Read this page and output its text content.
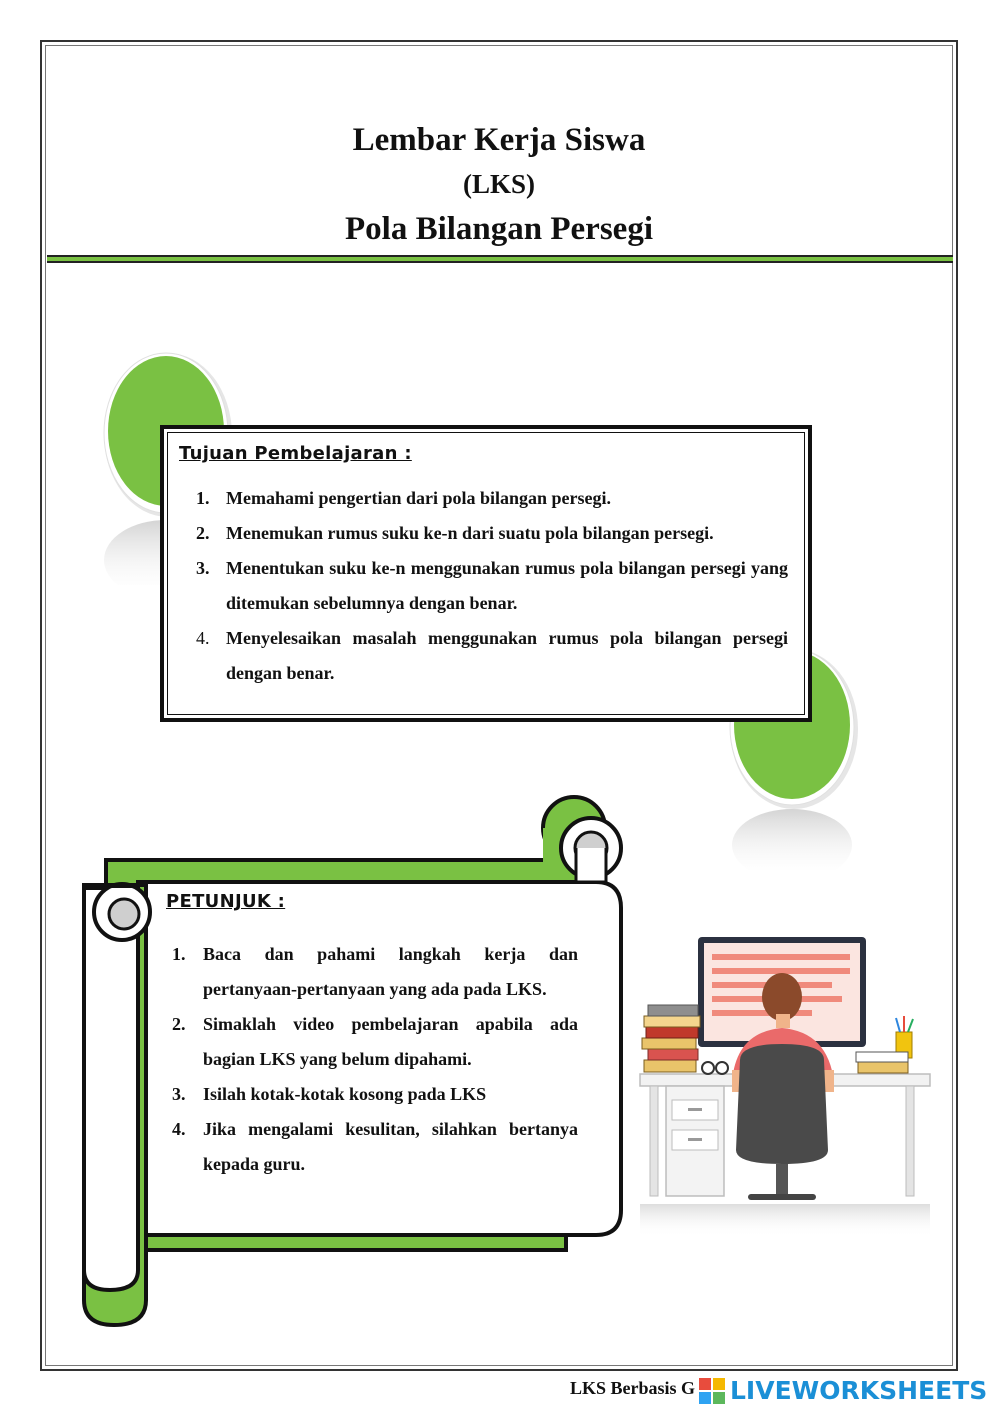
Lembar Kerja Siswa
(LKS)
Pola Bilangan Persegi
Tujuan Pembelajaran :
1. Memahami pengertian dari pola bilangan persegi.
2. Menemukan rumus suku ke-n dari suatu pola bilangan persegi.
3. Menentukan suku ke-n menggunakan rumus pola bilangan persegi yang ditemukan sebelumnya dengan benar.
4. Menyelesaikan masalah menggunakan rumus pola bilangan persegi dengan benar.
PETUNJUK :
1. Baca dan pahami langkah kerja dan pertanyaan-pertanyaan yang ada pada LKS.
2. Simaklah video pembelajaran apabila ada bagian LKS yang belum dipahami.
3. Isilah kotak-kotak kosong pada LKS
4. Jika mengalami kesulitan, silahkan bertanya kepada guru.
LKS Berbasis G LIVEWORKSHEETS
